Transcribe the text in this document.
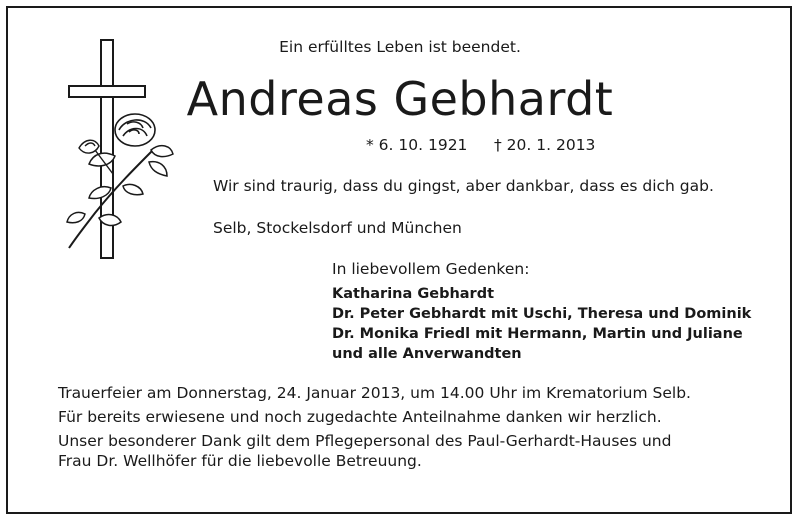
Ein erfülltes Leben ist beendet.
Andreas Gebhardt
* 6. 10. 1921 † 20. 1. 2013
Wir sind traurig, dass du gingst, aber dankbar, dass es dich gab.
Selb, Stockelsdorf und München
In liebevollem Gedenken:
Katharina Gebhardt
Dr. Peter Gebhardt mit Uschi, Theresa und Dominik
Dr. Monika Friedl mit Hermann, Martin und Juliane
und alle Anverwandten
Trauerfeier am Donnerstag, 24. Januar 2013, um 14.00 Uhr im Krematorium Selb.
Für bereits erwiesene und noch zugedachte Anteilnahme danken wir herzlich.
Unser besonderer Dank gilt dem Pflegepersonal des Paul-Gerhardt-Hauses und
Frau Dr. Wellhöfer für die liebevolle Betreuung.
